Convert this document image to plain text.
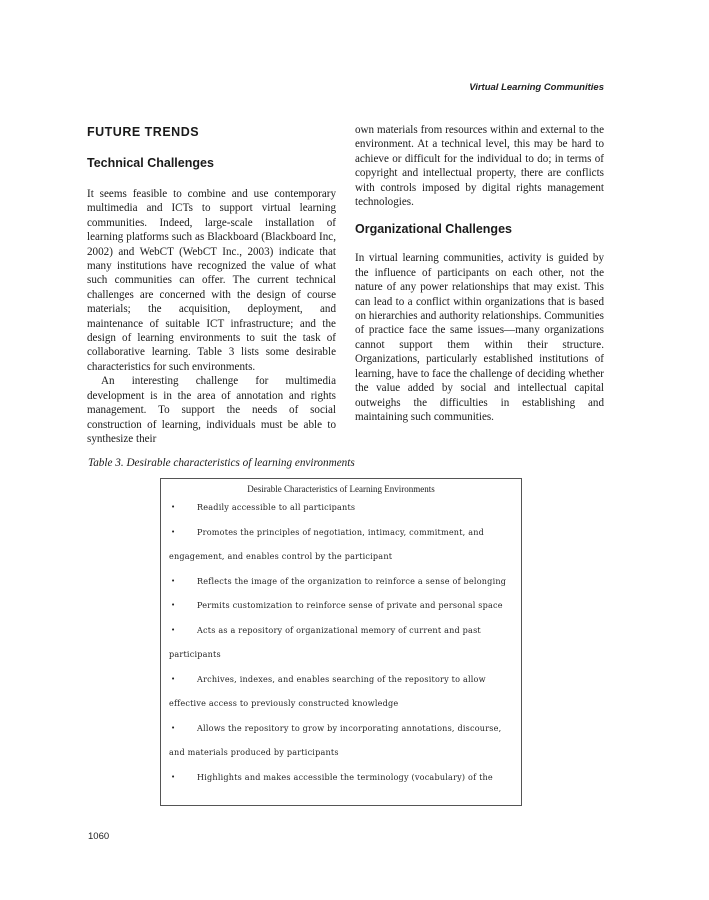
Virtual Learning Communities
FUTURE TRENDS
Technical Challenges

It seems feasible to combine and use contemporary multimedia and ICTs to support virtual learning communities. Indeed, large-scale installation of learning platforms such as Blackboard (Blackboard Inc, 2002) and WebCT (WebCT Inc., 2003) indicate that many institutions have recognized the value of what such communities can offer. The current technical challenges are concerned with the design of course materials; the acquisition, deployment, and maintenance of suitable ICT infrastructure; and the design of learning environments to suit the task of collaborative learning. Table 3 lists some desirable characteristics for such environments.

An interesting challenge for multimedia development is in the area of annotation and rights management. To support the needs of social construction of learning, individuals must be able to synthesize their

own materials from resources within and external to the environment. At a technical level, this may be hard to achieve or difficult for the individual to do; in terms of copyright and intellectual property, there are conflicts with controls imposed by digital rights management technologies.

Organizational Challenges

In virtual learning communities, activity is guided by the influence of participants on each other, not the nature of any power relationships that may exist. This can lead to a conflict within organizations that is based on hierarchies and authority relationships. Communities of practice face the same issues—many organizations cannot support them within their structure. Organizations, particularly established institutions of learning, have to face the challenge of deciding whether the value added by social and intellectual capital outweighs the difficulties in establishing and maintaining such communities.

Table 3. Desirable characteristics of learning environments
Desirable Characteristics of Learning Environments
•	Readily accessible to all participants
•	Promotes the principles of negotiation, intimacy, commitment, and
engagement, and enables control by the participant
•	Reflects the image of the organization to reinforce a sense of belonging
•	Permits customization to reinforce sense of private and personal space
•	Acts as a repository of organizational memory of current and past
participants
•	Archives, indexes, and enables searching of the repository to allow
effective access to previously constructed knowledge
•	Allows the repository to grow by incorporating annotations, discourse,
and materials produced by participants
•	Highlights and makes accessible the terminology (vocabulary) of the
1060
